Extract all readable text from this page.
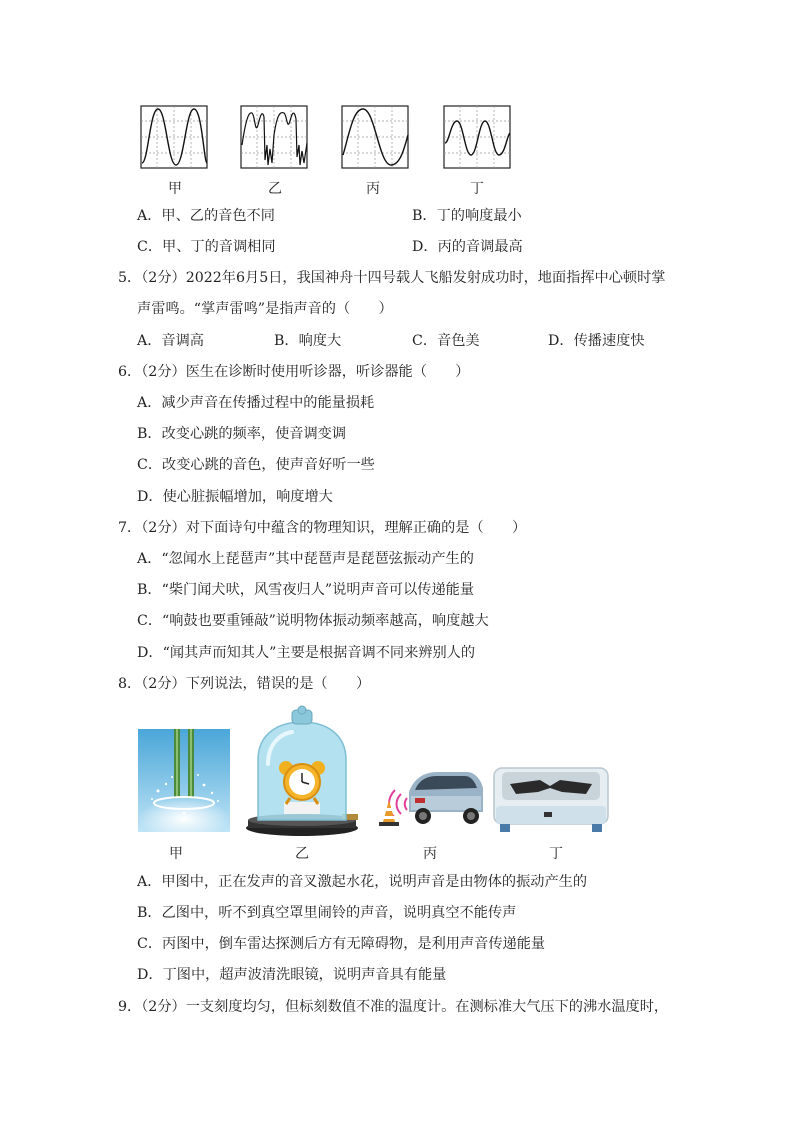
甲	乙	丙	丁
A．甲、乙的音色不同	B．丁的响度最小
C．甲、丁的音调相同	D．丙的音调最高
5．（2分）2022年6月5日，我国神舟十四号载人飞船发射成功时，地面指挥中心顿时掌
声雷鸣。“掌声雷鸣”是指声音的（　　）
A．音调高	B．响度大	C．音色美	D．传播速度快
6．（2分）医生在诊断时使用听诊器，听诊器能（　　）
A．减少声音在传播过程中的能量损耗
B．改变心跳的频率，使音调变调
C．改变心跳的音色，使声音好听一些
D．使心脏振幅增加，响度增大
7．（2分）对下面诗句中蕴含的物理知识，理解正确的是（　　）
A．“忽闻水上琵琶声”其中琵琶声是琵琶弦振动产生的
B．“柴门闻犬吠，风雪夜归人”说明声音可以传递能量
C．“响鼓也要重锤敲”说明物体振动频率越高，响度越大
D．“闻其声而知其人”主要是根据音调不同来辨别人的
8．（2分）下列说法，错误的是（　　）
甲	乙	丙	丁
A．甲图中，正在发声的音叉激起水花，说明声音是由物体的振动产生的
B．乙图中，听不到真空罩里闹铃的声音，说明真空不能传声
C．丙图中，倒车雷达探测后方有无障碍物，是利用声音传递能量
D．丁图中，超声波清洗眼镜，说明声音具有能量
9．（2分）一支刻度均匀，但标刻数值不准的温度计。在测标准大气压下的沸水温度时，
